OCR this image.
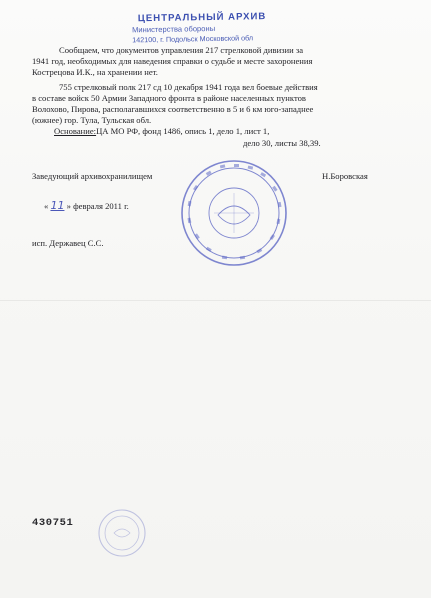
ЦЕНТРАЛЬНЫЙ АРХИВ
Министерства обороны
142100, г. Подольск Московской обл
Сообщаем, что документов управления 217 стрелковой дивизии за
1941 год, необходимых для наведения справки о судьбе и месте захоронения
Кострецова И.К., на хранении нет.
755 стрелковый полк 217 сд 10 декабря 1941 года вел боевые действия
в составе войск 50 Армии Западного фронта в районе населенных пунктов
Волохово, Пирова, располагавшихся соответственно в 5 и 6 км юго-западнее
(южнее) гор. Тула, Тульская обл.
Основание:ЦА МО РФ, фонд 1486, опись 1, дело 1, лист 1,
дело 30, листы 38,39.
Заведующий архивохранилищем	Н.Боровская
« 11 » февраля 2011 г.
исп. Державец С.С.
430751
